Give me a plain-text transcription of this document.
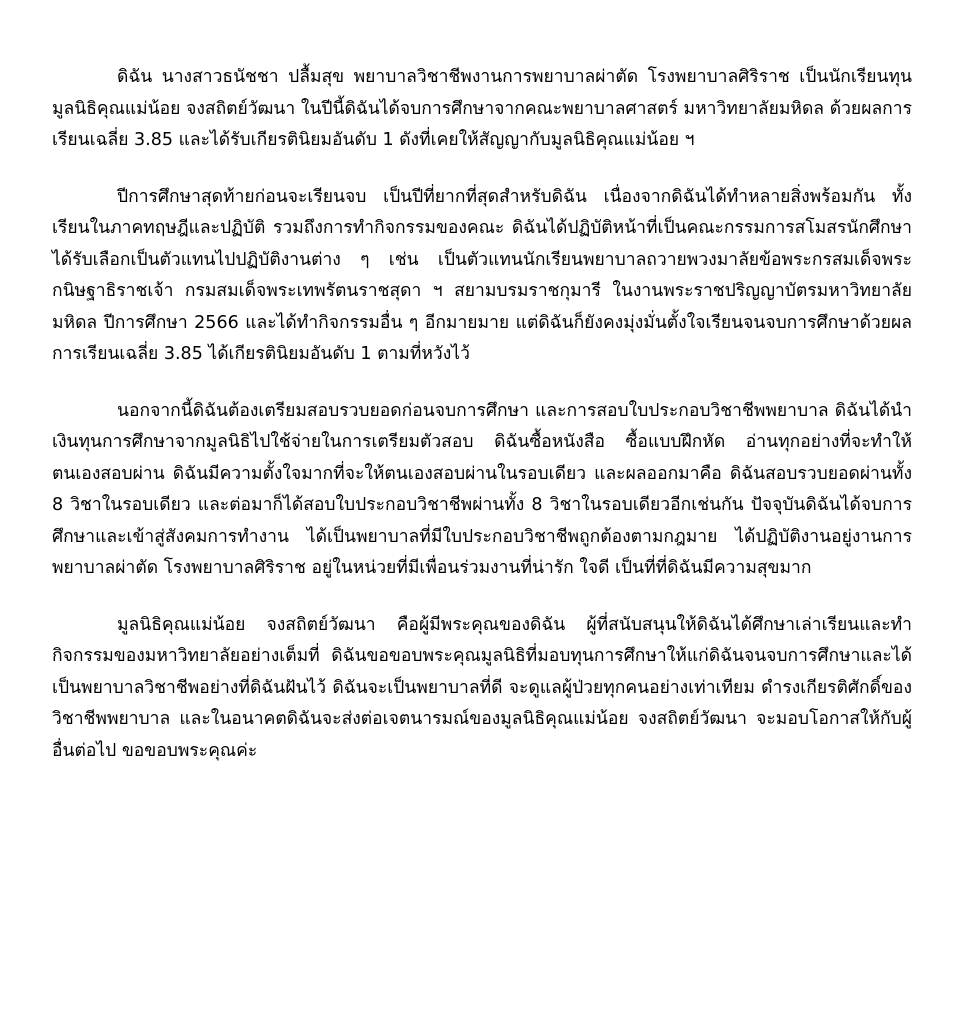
ดิฉัน นางสาวธนัชชา ปลื้มสุข พยาบาลวิชาชีพงานการพยาบาลผ่าตัด โรงพยาบาลศิริราช เป็นนักเรียนทุนมูลนิธิคุณแม่น้อย จงสถิตย์วัฒนา ในปีนี้ดิฉันได้จบการศึกษาจากคณะพยาบาลศาสตร์ มหาวิทยาลัยมหิดล ด้วยผลการเรียนเฉลี่ย 3.85 และได้รับเกียรตินิยมอันดับ 1 ดังที่เคยให้สัญญากับมูลนิธิคุณแม่น้อย ฯ

ปีการศึกษาสุดท้ายก่อนจะเรียนจบ เป็นปีที่ยากที่สุดสำหรับดิฉัน เนื่องจากดิฉันได้ทำหลายสิ่งพร้อมกัน ทั้งเรียนในภาคทฤษฎีและปฏิบัติ รวมถึงการทำกิจกรรมของคณะ ดิฉันได้ปฏิบัติหน้าที่เป็นคณะกรรมการสโมสรนักศึกษา ได้รับเลือกเป็นตัวแทนไปปฏิบัติงานต่าง ๆ เช่น เป็นตัวแทนนักเรียนพยาบาลถวายพวงมาลัยข้อพระกรสมเด็จพระกนิษฐาธิราชเจ้า กรมสมเด็จพระเทพรัตนราชสุดา ฯ สยามบรมราชกุมารี ในงานพระราชปริญญาบัตรมหาวิทยาลัยมหิดล ปีการศึกษา 2566 และได้ทำกิจกรรมอื่น ๆ อีกมายมาย แต่ดิฉันก็ยังคงมุ่งมั่นตั้งใจเรียนจนจบการศึกษาด้วยผลการเรียนเฉลี่ย 3.85 ได้เกียรตินิยมอันดับ 1 ตามที่หวังไว้

นอกจากนี้ดิฉันต้องเตรียมสอบรวบยอดก่อนจบการศึกษา และการสอบใบประกอบวิชาชีพพยาบาล ดิฉันได้นำเงินทุนการศึกษาจากมูลนิธิไปใช้จ่ายในการเตรียมตัวสอบ ดิฉันซื้อหนังสือ ซื้อแบบฝึกหัด อ่านทุกอย่างที่จะทำให้ตนเองสอบผ่าน ดิฉันมีความตั้งใจมากที่จะให้ตนเองสอบผ่านในรอบเดียว และผลออกมาคือ ดิฉันสอบรวบยอดผ่านทั้ง 8 วิชาในรอบเดียว และต่อมาก็ได้สอบใบประกอบวิชาชีพผ่านทั้ง 8 วิชาในรอบเดียวอีกเช่นกัน ปัจจุบันดิฉันได้จบการศึกษาและเข้าสู่สังคมการทำงาน ได้เป็นพยาบาลที่มีใบประกอบวิชาชีพถูกต้องตามกฎมาย ได้ปฏิบัติงานอยู่งานการพยาบาลผ่าตัด โรงพยาบาลศิริราช อยู่ในหน่วยที่มีเพื่อนร่วมงานที่น่ารัก ใจดี เป็นที่ที่ดิฉันมีความสุขมาก

มูลนิธิคุณแม่น้อย จงสถิตย์วัฒนา คือผู้มีพระคุณของดิฉัน ผู้ที่สนับสนุนให้ดิฉันได้ศึกษาเล่าเรียนและทำกิจกรรมของมหาวิทยาลัยอย่างเต็มที่ ดิฉันขอขอบพระคุณมูลนิธิที่มอบทุนการศึกษาให้แก่ดิฉันจนจบการศึกษาและได้เป็นพยาบาลวิชาชีพอย่างที่ดิฉันฝันไว้ ดิฉันจะเป็นพยาบาลที่ดี จะดูแลผู้ป่วยทุกคนอย่างเท่าเทียม ดำรงเกียรติศักดิ์ของวิชาชีพพยาบาล และในอนาคตดิฉันจะส่งต่อเจตนารมณ์ของมูลนิธิคุณแม่น้อย จงสถิตย์วัฒนา จะมอบโอกาสให้กับผู้อื่นต่อไป ขอขอบพระคุณค่ะ
